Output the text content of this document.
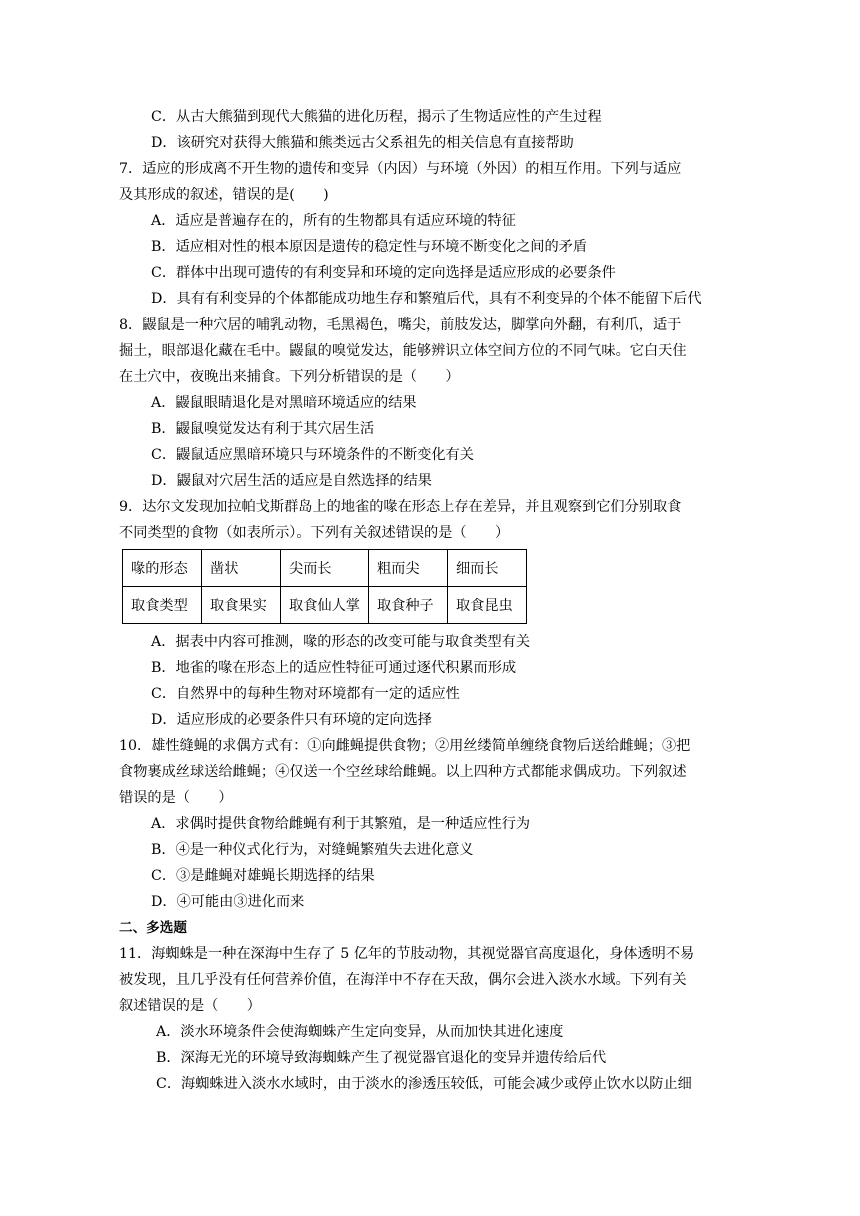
C．从古大熊猫到现代大熊猫的进化历程，揭示了生物适应性的产生过程
D．该研究对获得大熊猫和熊类远古父系祖先的相关信息有直接帮助
7．适应的形成离不开生物的遗传和变异（内因）与环境（外因）的相互作用。下列与适应
及其形成的叙述，错误的是(　　)
A．适应是普遍存在的，所有的生物都具有适应环境的特征
B．适应相对性的根本原因是遗传的稳定性与环境不断变化之间的矛盾
C．群体中出现可遗传的有利变异和环境的定向选择是适应形成的必要条件
D．具有有利变异的个体都能成功地生存和繁殖后代，具有不利变异的个体不能留下后代
8．鼹鼠是一种穴居的哺乳动物，毛黑褐色，嘴尖，前肢发达，脚掌向外翻，有利爪，适于
掘土，眼部退化藏在毛中。鼹鼠的嗅觉发达，能够辨识立体空间方位的不同气味。它白天住
在土穴中，夜晚出来捕食。下列分析错误的是（　　）
A．鼹鼠眼睛退化是对黑暗环境适应的结果
B．鼹鼠嗅觉发达有利于其穴居生活
C．鼹鼠适应黑暗环境只与环境条件的不断变化有关
D．鼹鼠对穴居生活的适应是自然选择的结果
9．达尔文发现加拉帕戈斯群岛上的地雀的喙在形态上存在差异，并且观察到它们分别取食
不同类型的食物（如表所示）。下列有关叙述错误的是（　　）
喙的形态	凿状	尖而长	粗而尖	细而长
取食类型	取食果实	取食仙人掌	取食种子	取食昆虫
A．据表中内容可推测，喙的形态的改变可能与取食类型有关
B．地雀的喙在形态上的适应性特征可通过逐代积累而形成
C．自然界中的每种生物对环境都有一定的适应性
D．适应形成的必要条件只有环境的定向选择
10．雄性缝蝇的求偶方式有：①向雌蝇提供食物；②用丝缕简单缠绕食物后送给雌蝇；③把
食物裹成丝球送给雌蝇；④仅送一个空丝球给雌蝇。以上四种方式都能求偶成功。下列叙述
错误的是（　　）
A．求偶时提供食物给雌蝇有利于其繁殖，是一种适应性行为
B．④是一种仪式化行为，对缝蝇繁殖失去进化意义
C．③是雌蝇对雄蝇长期选择的结果
D．④可能由③进化而来
二、多选题
11．海蜘蛛是一种在深海中生存了 5 亿年的节肢动物，其视觉器官高度退化，身体透明不易
被发现，且几乎没有任何营养价值，在海洋中不存在天敌，偶尔会进入淡水水域。下列有关
叙述错误的是（　　）
A．淡水环境条件会使海蜘蛛产生定向变异，从而加快其进化速度
B．深海无光的环境导致海蜘蛛产生了视觉器官退化的变异并遗传给后代
C．海蜘蛛进入淡水水域时，由于淡水的渗透压较低，可能会减少或停止饮水以防止细
